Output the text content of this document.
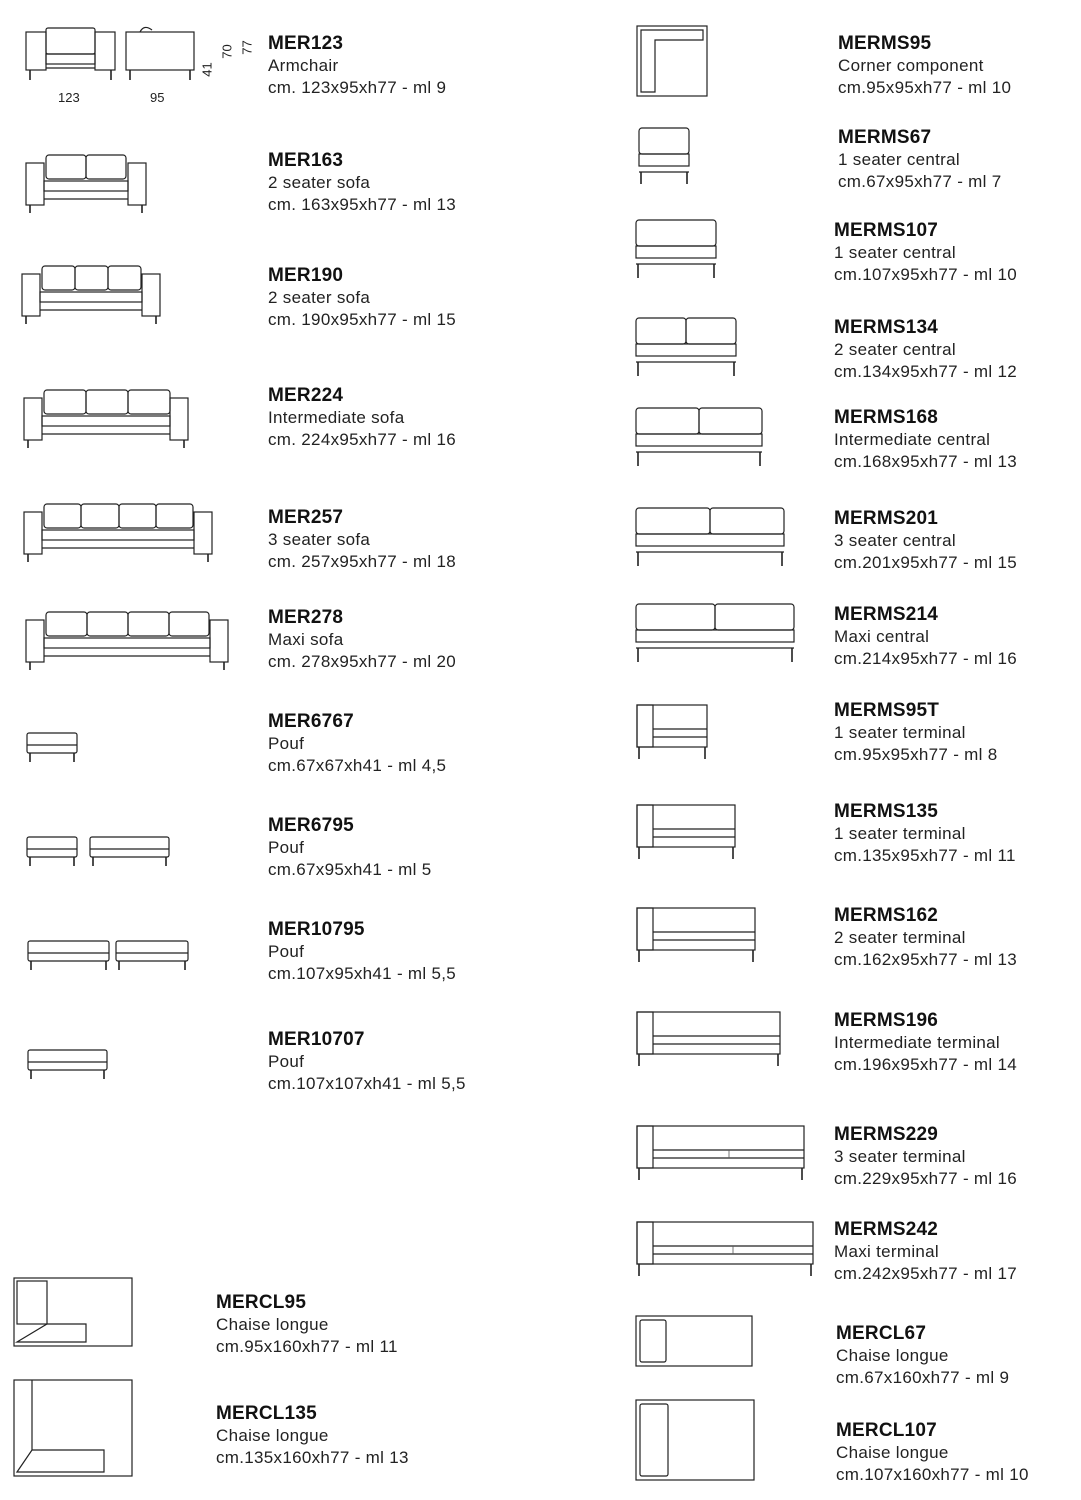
123	95
41
70 77 MER123
Armchair
cm. 123x95xh77 - ml 9
MER163
2 seater sofa
cm. 163x95xh77 - ml 13
MER190
2 seater sofa
cm. 190x95xh77 - ml 15
MER224
Intermediate sofa
cm. 224x95xh77 - ml 16
MER257
3 seater sofa
cm. 257x95xh77 - ml 18
MER278
Maxi sofa
cm. 278x95xh77 - ml 20
MER6767
Pouf
cm.67x67xh41 - ml 4,5
MER6795
Pouf
cm.67x95xh41 - ml 5
MER10795
Pouf
cm.107x95xh41 - ml 5,5
MER10707
Pouf
cm.107x107xh41 - ml 5,5
MERCL95
Chaise longue
cm.95x160xh77 - ml 11
MERCL135
Chaise longue
cm.135x160xh77 - ml 13
MERMS95
Corner component
cm.95x95xh77 - ml 10
MERMS67
1 seater central
cm.67x95xh77 - ml 7
MERMS107
1 seater central
cm.107x95xh77 - ml 10
MERMS134
2 seater central
cm.134x95xh77 - ml 12
MERMS168
Intermediate central
cm.168x95xh77 - ml 13
MERMS201
3 seater central
cm.201x95xh77 - ml 15
MERMS214
Maxi central
cm.214x95xh77 - ml 16
MERMS95T
1 seater terminal
cm.95x95xh77 - ml 8
MERMS135
1 seater terminal
cm.135x95xh77 - ml 11
MERMS162
2 seater terminal
cm.162x95xh77 - ml 13
MERMS196
Intermediate terminal
cm.196x95xh77 - ml 14
MERMS229
3 seater terminal
cm.229x95xh77 - ml 16
MERMS242
Maxi terminal
cm.242x95xh77 - ml 17
MERCL67
Chaise longue
cm.67x160xh77 - ml 9
MERCL107
Chaise longue
cm.107x160xh77 - ml 10
